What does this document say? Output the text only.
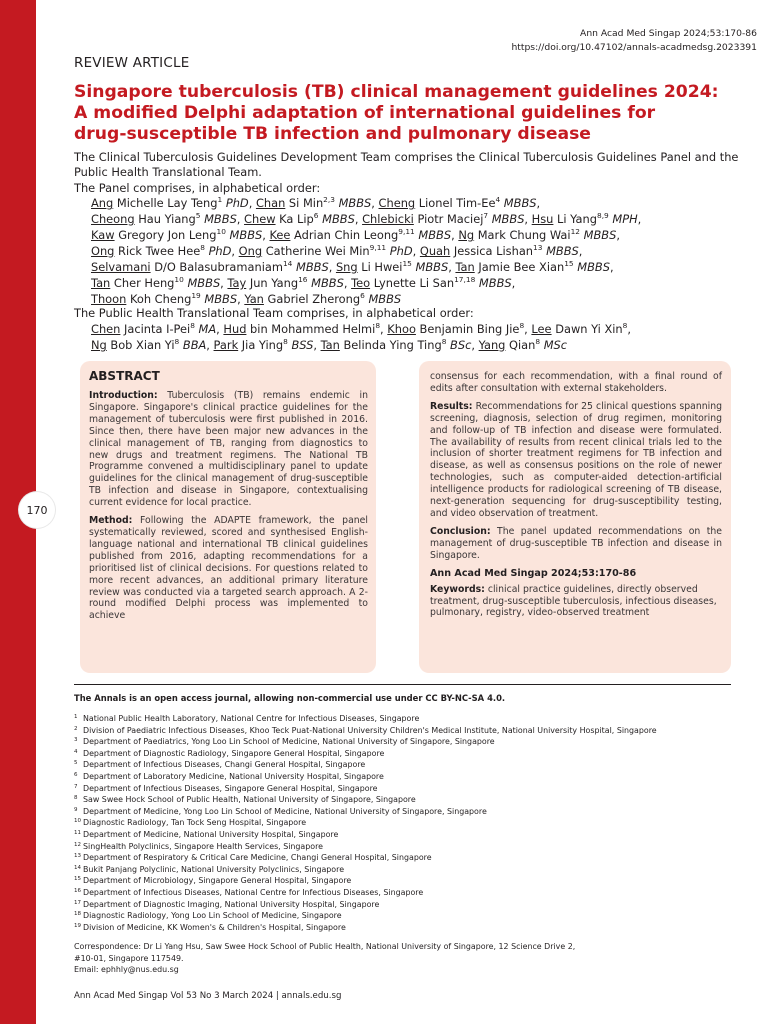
170
Ann Acad Med Singap 2024;53:170-86
https://doi.org/10.47102/annals-acadmedsg.2023391
REVIEW ARTICLE
Singapore tuberculosis (TB) clinical management guidelines 2024:
A modified Delphi adaptation of international guidelines for
drug-susceptible TB infection and pulmonary disease

The Clinical Tuberculosis Guidelines Development Team comprises the Clinical Tuberculosis Guidelines Panel and the Public Health Translational Team.

The Panel comprises, in alphabetical order:

Ang Michelle Lay Teng$^1$ PhD, Chan Si Min$^{2,3}$ MBBS, Cheng Lionel Tim-Ee$^4$ MBBS,
Cheong Hau Yiang$^5$ MBBS, Chew Ka Lip$^6$ MBBS, Chlebicki Piotr Maciej$^7$ MBBS, Hsu Li Yang$^{8,9}$ MPH,
Kaw Gregory Jon Leng$^{10}$ MBBS, Kee Adrian Chin Leong$^{9,11}$ MBBS, Ng Mark Chung Wai$^{12}$ MBBS,
Ong Rick Twee Hee$^8$ PhD, Ong Catherine Wei Min$^{9,11}$ PhD, Quah Jessica Lishan$^{13}$ MBBS,
Selvamani D/O Balasubramaniam$^{14}$ MBBS, Sng Li Hwei$^{15}$ MBBS, Tan Jamie Bee Xian$^{15}$ MBBS,
Tan Cher Heng$^{10}$ MBBS, Tay Jun Yang$^{16}$ MBBS, Teo Lynette Li San$^{17,18}$ MBBS,
Thoon Koh Cheng$^{19}$ MBBS, Yan Gabriel Zherong$^6$ MBBS

The Public Health Translational Team comprises, in alphabetical order:

Chen Jacinta I-Pei$^8$ MA, Hud bin Mohammed Helmi$^8$, Khoo Benjamin Bing Jie$^8$, Lee Dawn Yi Xin$^8$,
Ng Bob Xian Yi$^8$ BBA, Park Jia Ying$^8$ BSS, Tan Belinda Ying Ting$^8$ BSc, Yang Qian$^8$ MSc
ABSTRACT

Introduction: Tuberculosis (TB) remains endemic in Singapore. Singapore's clinical practice guidelines for the management of tuberculosis were first published in 2016. Since then, there have been major new advances in the clinical management of TB, ranging from diagnostics to new drugs and treatment regimens. The National TB Programme convened a multidisciplinary panel to update guidelines for the clinical management of drug-susceptible TB infection and disease in Singapore, contextualising current evidence for local practice.

Method: Following the ADAPTE framework, the panel systematically reviewed, scored and synthesised English-language national and international TB clinical guidelines published from 2016, adapting recommendations for a prioritised list of clinical decisions. For questions related to more recent advances, an additional primary literature review was conducted via a targeted search approach. A 2-round modified Delphi process was implemented to achieve

consensus for each recommendation, with a final round of edits after consultation with external stakeholders.

Results: Recommendations for 25 clinical questions spanning screening, diagnosis, selection of drug regimen, monitoring and follow-up of TB infection and disease were formulated. The availability of results from recent clinical trials led to the inclusion of shorter treatment regimens for TB infection and disease, as well as consensus positions on the role of newer technologies, such as computer-aided detection-artificial intelligence products for radiological screening of TB disease, next-generation sequencing for drug-susceptibility testing, and video observation of treatment.

Conclusion: The panel updated recommendations on the management of drug-susceptible TB infection and disease in Singapore.

Ann Acad Med Singap 2024;53:170-86

Keywords: clinical practice guidelines, directly observed treatment, drug-susceptible tuberculosis, infectious diseases, pulmonary, registry, video-observed treatment

The Annals is an open access journal, allowing non-commercial use under CC BY-NC-SA 4.0.
1 National Public Health Laboratory, National Centre for Infectious Diseases, Singapore
2 Division of Paediatric Infectious Diseases, Khoo Teck Puat-National University Children's Medical Institute, National University Hospital, Singapore
3 Department of Paediatrics, Yong Loo Lin School of Medicine, National University of Singapore, Singapore
4 Department of Diagnostic Radiology, Singapore General Hospital, Singapore
5 Department of Infectious Diseases, Changi General Hospital, Singapore
6 Department of Laboratory Medicine, National University Hospital, Singapore
7 Department of Infectious Diseases, Singapore General Hospital, Singapore
8 Saw Swee Hock School of Public Health, National University of Singapore, Singapore
9 Department of Medicine, Yong Loo Lin School of Medicine, National University of Singapore, Singapore
10 Diagnostic Radiology, Tan Tock Seng Hospital, Singapore
11 Department of Medicine, National University Hospital, Singapore
12 SingHealth Polyclinics, Singapore Health Services, Singapore
13 Department of Respiratory & Critical Care Medicine, Changi General Hospital, Singapore
14 Bukit Panjang Polyclinic, National University Polyclinics, Singapore
15 Department of Microbiology, Singapore General Hospital, Singapore
16 Department of Infectious Diseases, National Centre for Infectious Diseases, Singapore
17 Department of Diagnostic Imaging, National University Hospital, Singapore
18 Diagnostic Radiology, Yong Loo Lin School of Medicine, Singapore
19 Division of Medicine, KK Women's & Children's Hospital, Singapore
Correspondence: Dr Li Yang Hsu, Saw Swee Hock School of Public Health, National University of Singapore, 12 Science Drive 2,
#10-01, Singapore 117549.
Email: ephhly@nus.edu.sg
Ann Acad Med Singap Vol 53 No 3 March 2024 | annals.edu.sg
